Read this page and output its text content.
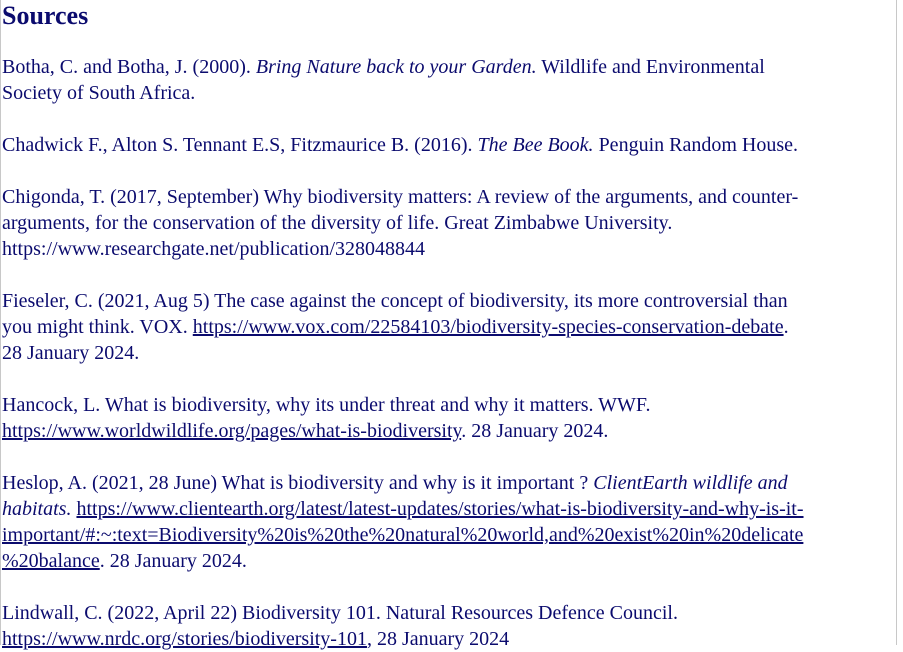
Sources
Botha, C. and Botha, J. (2000). Bring Nature back to your Garden. Wildlife and Environmental
Society of South Africa.
Chadwick F., Alton S. Tennant E.S, Fitzmaurice B. (2016). The Bee Book. Penguin Random House.
Chigonda, T. (2017, September) Why biodiversity matters: A review of the arguments, and counter-
arguments, for the conservation of the diversity of life. Great Zimbabwe University.
https://www.researchgate.net/publication/328048844
Fieseler, C. (2021, Aug 5) The case against the concept of biodiversity, its more controversial than
you might think. VOX. https://www.vox.com/22584103/biodiversity-species-conservation-debate.
28 January 2024.
Hancock, L. What is biodiversity, why its under threat and why it matters. WWF.
https://www.worldwildlife.org/pages/what-is-biodiversity. 28 January 2024.
Heslop, A. (2021, 28 June) What is biodiversity and why is it important ? ClientEarth wildlife and
habitats. https://www.clientearth.org/latest/latest-updates/stories/what-is-biodiversity-and-why-is-it-
important/#:~:text=Biodiversity%20is%20the%20natural%20world,and%20exist%20in%20delicate
%20balance. 28 January 2024.
Lindwall, C. (2022, April 22) Biodiversity 101. Natural Resources Defence Council.
https://www.nrdc.org/stories/biodiversity-101, 28 January 2024
